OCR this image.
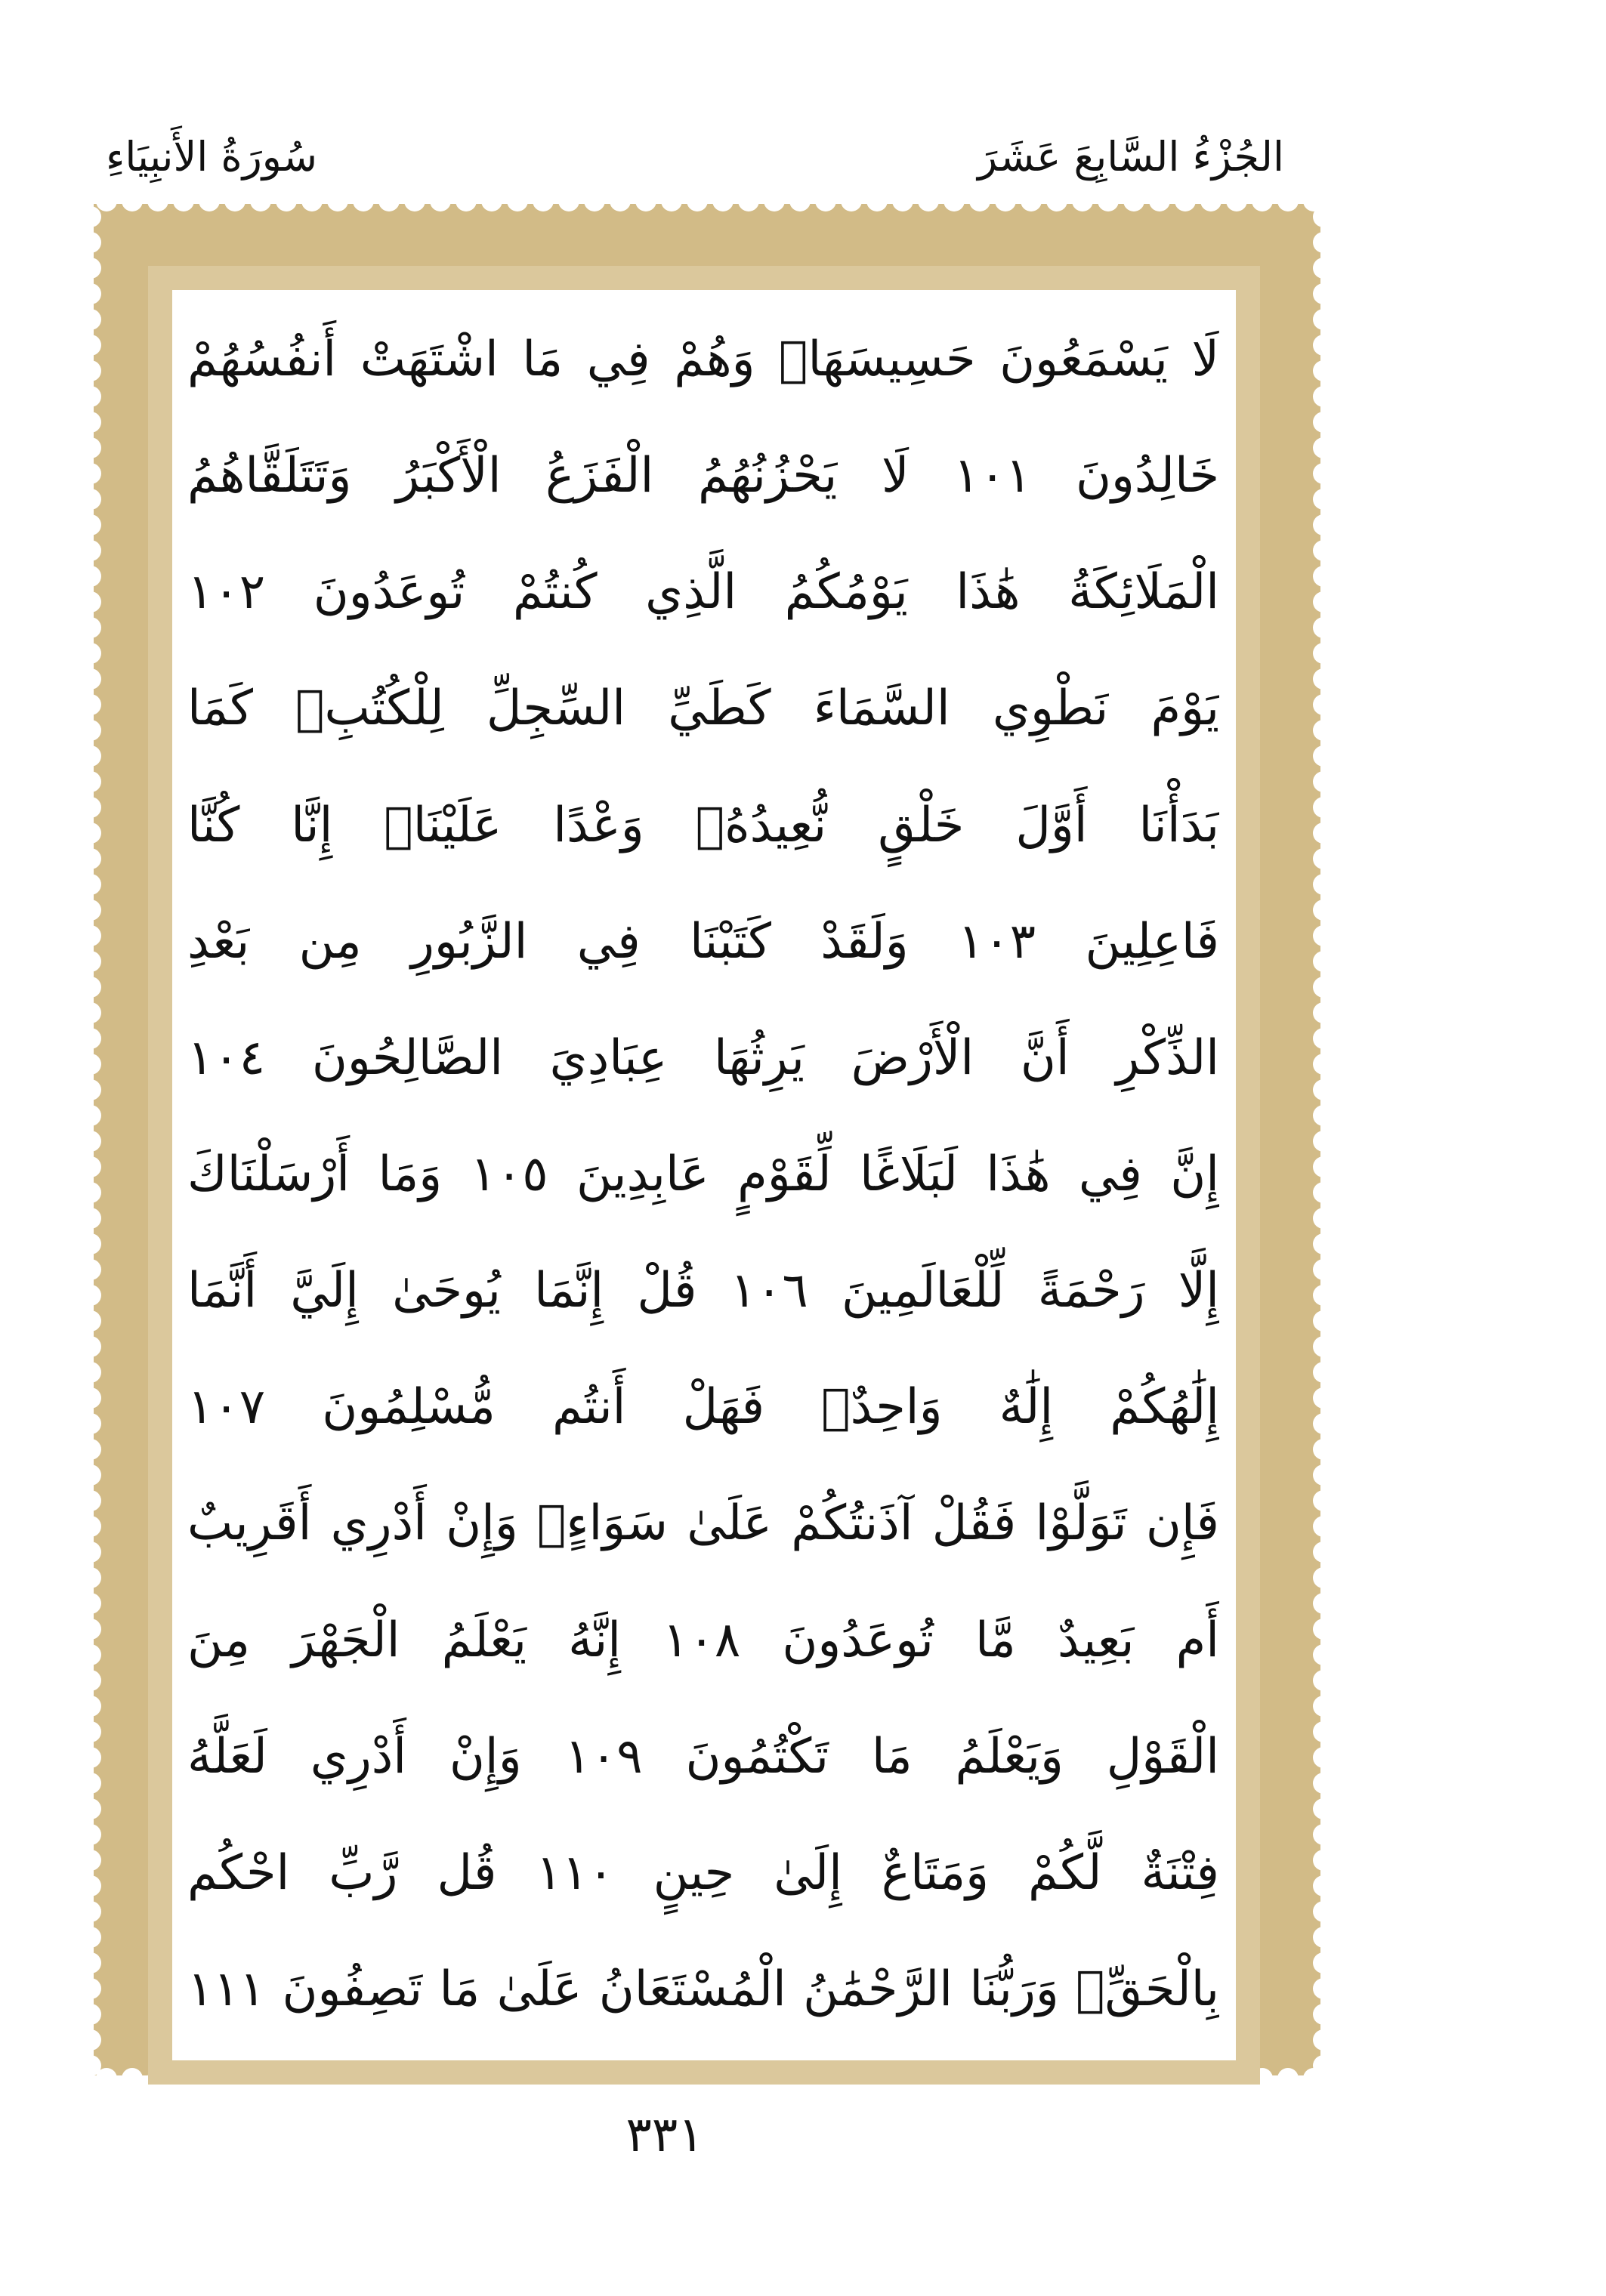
الجُزْءُ السَّابِعَ عَشَرَ
سُورَةُ الأَنبِيَاءِ
لَا يَسْمَعُونَ حَسِيسَهَاۖ وَهُمْ فِي مَا اشْتَهَتْ أَنفُسُهُمْ
خَالِدُونَ ١٠١ لَا يَحْزُنُهُمُ الْفَزَعُ الْأَكْبَرُ وَتَتَلَقَّاهُمُ
الْمَلَائِكَةُ هَٰذَا يَوْمُكُمُ الَّذِي كُنتُمْ تُوعَدُونَ ١٠٢
يَوْمَ نَطْوِي السَّمَاءَ كَطَيِّ السِّجِلِّ لِلْكُتُبِۚ كَمَا
بَدَأْنَا أَوَّلَ خَلْقٍ نُّعِيدُهُۚ وَعْدًا عَلَيْنَاۚ إِنَّا كُنَّا
فَاعِلِينَ ١٠٣ وَلَقَدْ كَتَبْنَا فِي الزَّبُورِ مِن بَعْدِ
الذِّكْرِ أَنَّ الْأَرْضَ يَرِثُهَا عِبَادِيَ الصَّالِحُونَ ١٠٤
إِنَّ فِي هَٰذَا لَبَلَاغًا لِّقَوْمٍ عَابِدِينَ ١٠٥ وَمَا أَرْسَلْنَاكَ
إِلَّا رَحْمَةً لِّلْعَالَمِينَ ١٠٦ قُلْ إِنَّمَا يُوحَىٰ إِلَيَّ أَنَّمَا
إِلَٰهُكُمْ إِلَٰهٌ وَاحِدٌۖ فَهَلْ أَنتُم مُّسْلِمُونَ ١٠٧
فَإِن تَوَلَّوْا فَقُلْ آذَنتُكُمْ عَلَىٰ سَوَاءٍۖ وَإِنْ أَدْرِي أَقَرِيبٌ
أَم بَعِيدٌ مَّا تُوعَدُونَ ١٠٨ إِنَّهُ يَعْلَمُ الْجَهْرَ مِنَ
الْقَوْلِ وَيَعْلَمُ مَا تَكْتُمُونَ ١٠٩ وَإِنْ أَدْرِي لَعَلَّهُ
فِتْنَةٌ لَّكُمْ وَمَتَاعٌ إِلَىٰ حِينٍ ١١٠ قُل رَّبِّ احْكُم
بِالْحَقِّۗ وَرَبُّنَا الرَّحْمَٰنُ الْمُسْتَعَانُ عَلَىٰ مَا تَصِفُونَ ١١١
٣٣١
